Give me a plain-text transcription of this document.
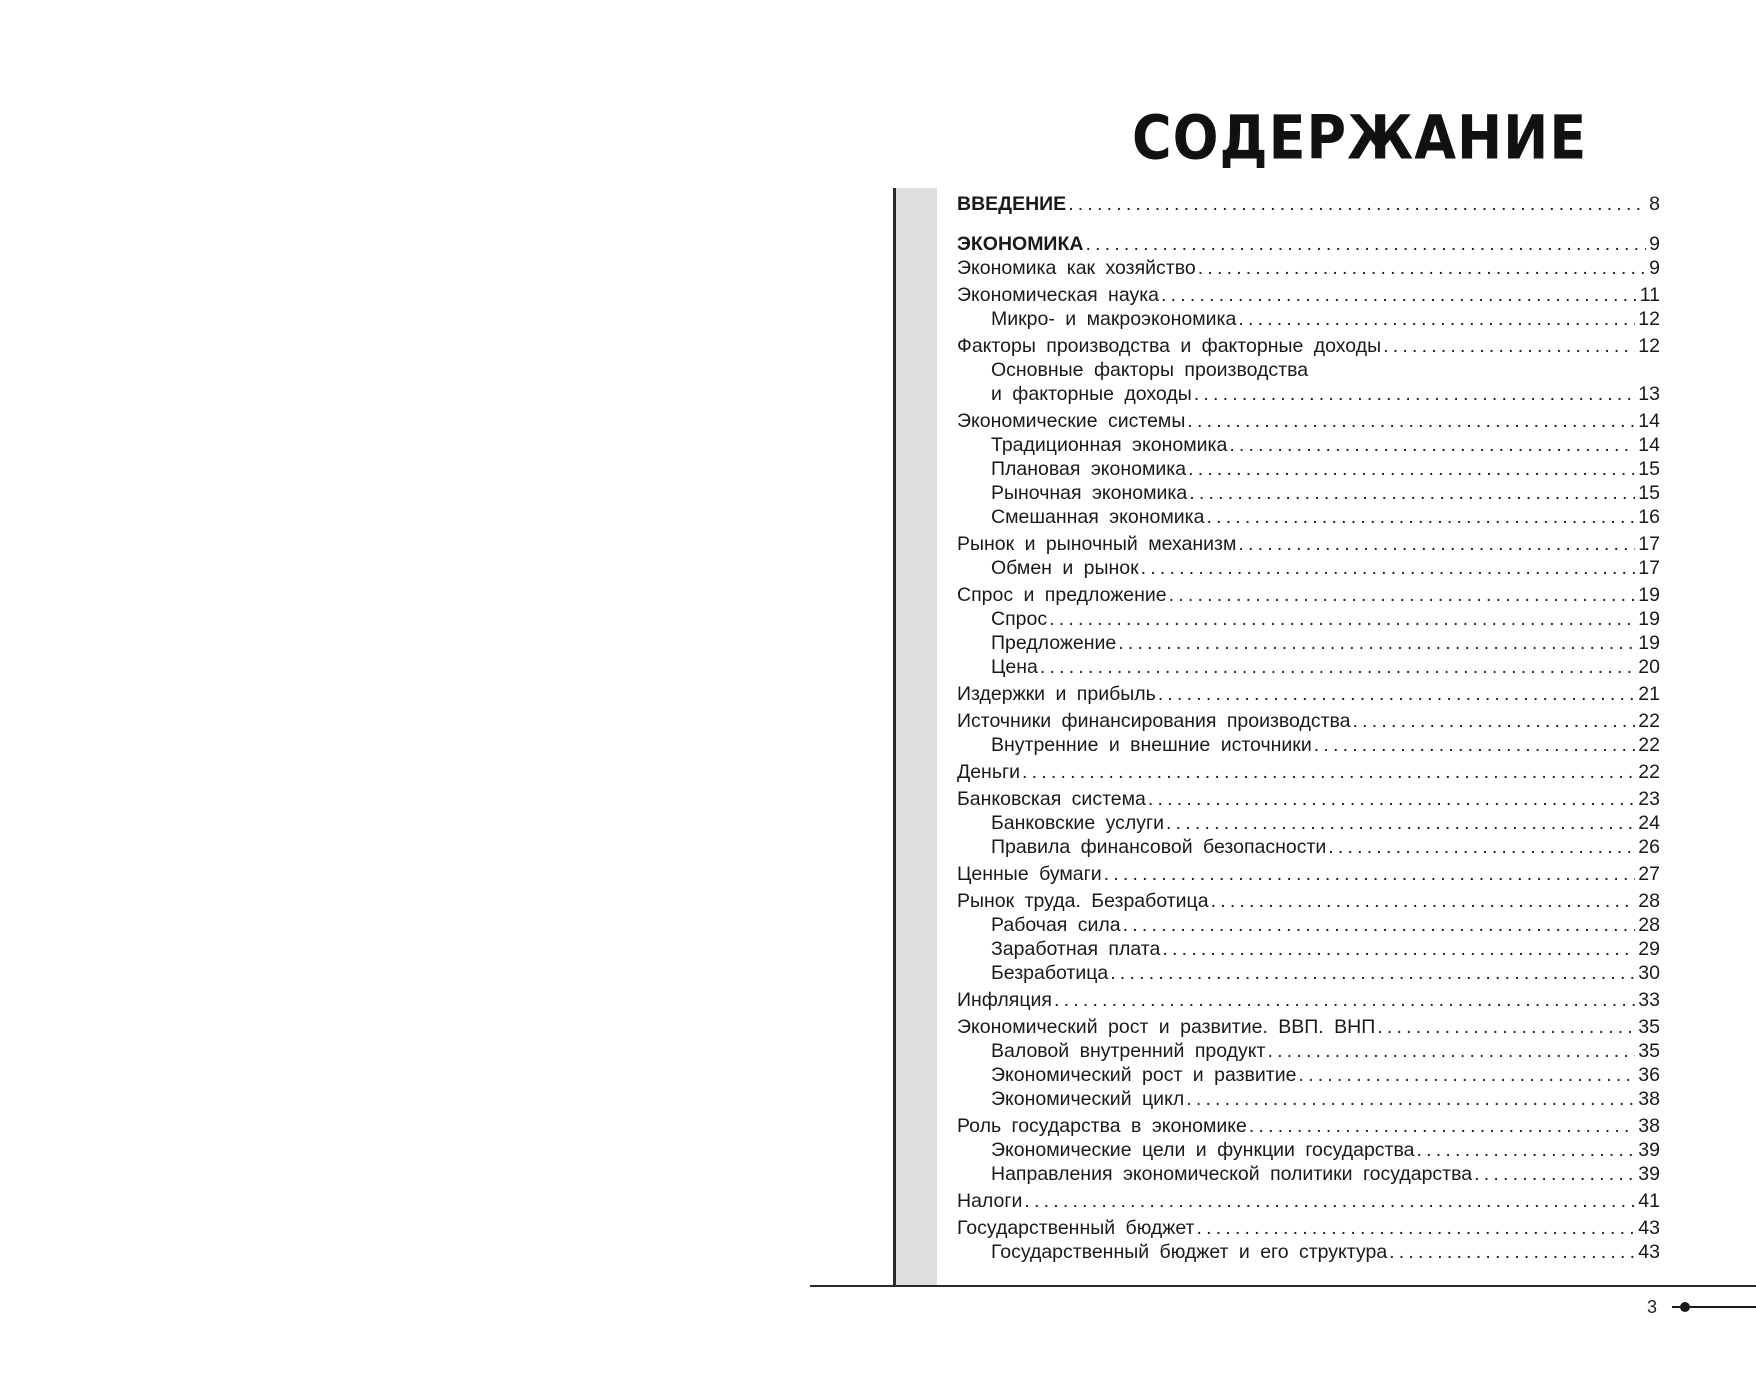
СОДЕРЖАНИЕ
ВВЕДЕНИЕ .....	8
ЭКОНОМИКА .....	9
Экономика как хозяйство .....	9
Экономическая наука .....	11
Микро- и макроэкономика .....	12
Факторы производства и факторные доходы .....	12
Основные факторы производства
и факторные доходы .....	13
Экономические системы .....	14
Традиционная экономика .....	14
Плановая экономика .....	15
Рыночная экономика .....	15
Смешанная экономика .....	16
Рынок и рыночный механизм .....	17
Обмен и рынок .....	17
Спрос и предложение .....	19
Спрос .....	19
Предложение .....	19
Цена .....	20
Издержки и прибыль .....	21
Источники финансирования производства .....	22
Внутренние и внешние источники .....	22
Деньги .....	22
Банковская система .....	23
Банковские услуги .....	24
Правила финансовой безопасности .....	26
Ценные бумаги .....	27
Рынок труда. Безработица .....	28
Рабочая сила .....	28
Заработная плата .....	29
Безработица .....	30
Инфляция .....	33
Экономический рост и развитие. ВВП. ВНП .....	35
Валовой внутренний продукт .....	35
Экономический рост и развитие .....	36
Экономический цикл .....	38
Роль государства в экономике .....	38
Экономические цели и функции государства .....	39
Направления экономической политики государства .....	39
Налоги .....	41
Государственный бюджет .....	43
Государственный бюджет и его структура .....	43
3
